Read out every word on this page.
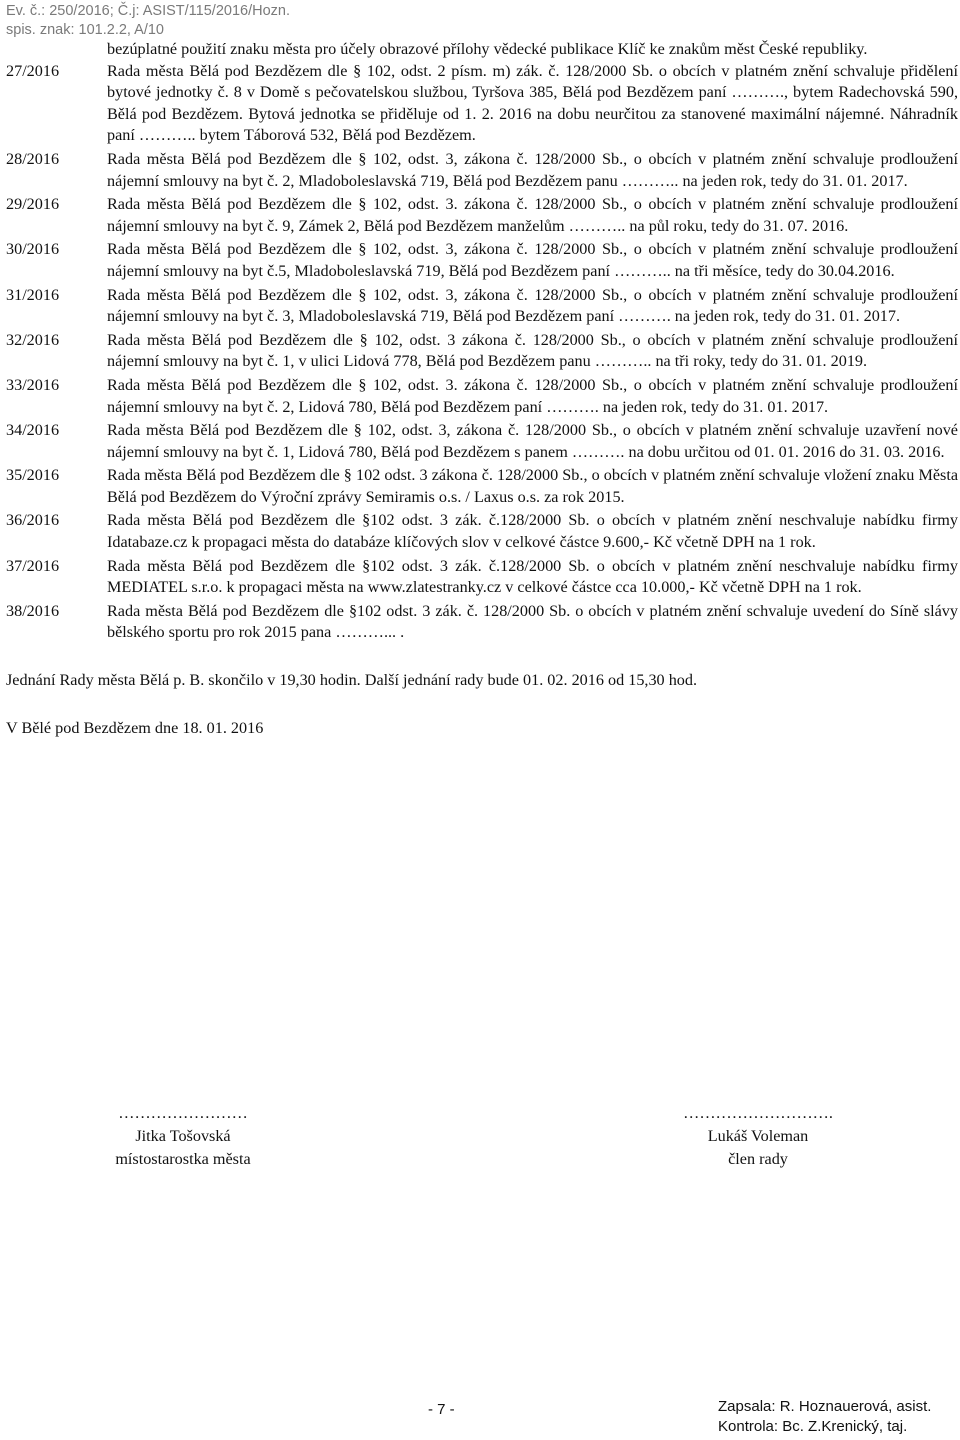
Ev. č.: 250/2016; Č.j: ASIST/115/2016/Hozn.
spis. znak: 101.2.2, A/10
bezúplatné použití znaku města pro účely obrazové přílohy vědecké publikace Klíč ke znakům měst České republiky.
27/2016	Rada města Bělá pod Bezdězem dle § 102, odst. 2 písm. m) zák. č. 128/2000 Sb. o obcích v platném znění schvaluje přidělení bytové jednotky č. 8 v Domě s pečovatelskou službou, Tyršova 385, Bělá pod Bezdězem paní ………., bytem Radechovská 590, Bělá pod Bezdězem. Bytová jednotka se přiděluje od 1. 2. 2016 na dobu neurčitou za stanovené maximální nájemné. Náhradník paní ……….. bytem Táborová 532, Bělá pod Bezdězem.
28/2016	Rada města Bělá pod Bezdězem dle § 102, odst. 3, zákona č. 128/2000 Sb., o obcích v platném znění schvaluje prodloužení nájemní smlouvy na byt č. 2, Mladoboleslavská 719, Bělá pod Bezdězem panu ……….. na jeden rok, tedy do 31. 01. 2017.
29/2016	Rada města Bělá pod Bezdězem dle § 102, odst. 3. zákona č. 128/2000 Sb., o obcích v platném znění schvaluje prodloužení nájemní smlouvy na byt č. 9, Zámek 2, Bělá pod Bezdězem manželům ……….. na půl roku, tedy do 31. 07. 2016.
30/2016	Rada města Bělá pod Bezdězem dle § 102, odst. 3, zákona č. 128/2000 Sb., o obcích v platném znění schvaluje prodloužení nájemní smlouvy na byt č.5, Mladoboleslavská 719, Bělá pod Bezdězem paní ……….. na tři měsíce, tedy do 30.04.2016.
31/2016	Rada města Bělá pod Bezdězem dle § 102, odst. 3, zákona č. 128/2000 Sb., o obcích v platném znění schvaluje prodloužení nájemní smlouvy na byt č. 3, Mladoboleslavská 719, Bělá pod Bezdězem paní ………. na jeden rok, tedy do 31. 01. 2017.
32/2016	Rada města Bělá pod Bezdězem dle § 102, odst. 3 zákona č. 128/2000 Sb., o obcích v platném znění schvaluje prodloužení nájemní smlouvy na byt č. 1, v ulici Lidová 778, Bělá pod Bezdězem panu ……….. na tři roky, tedy do 31. 01. 2019.
33/2016	Rada města Bělá pod Bezdězem dle § 102, odst. 3. zákona č. 128/2000 Sb., o obcích v platném znění schvaluje prodloužení nájemní smlouvy na byt č. 2, Lidová 780, Bělá pod Bezdězem paní ………. na jeden rok, tedy do 31. 01. 2017.
34/2016	Rada města Bělá pod Bezdězem dle § 102, odst. 3, zákona č. 128/2000 Sb., o obcích v platném znění schvaluje uzavření nové nájemní smlouvy na byt č. 1, Lidová 780, Bělá pod Bezdězem s panem ………. na dobu určitou od 01. 01. 2016 do 31. 03. 2016.
35/2016	Rada města Bělá pod Bezdězem dle § 102 odst. 3 zákona č. 128/2000 Sb., o obcích v platném znění schvaluje vložení znaku Města Bělá pod Bezdězem do Výroční zprávy Semiramis o.s. / Laxus o.s. za rok 2015.
36/2016	Rada města Bělá pod Bezdězem dle §102 odst. 3 zák. č.128/2000 Sb. o obcích v platném znění neschvaluje nabídku firmy Idatabaze.cz k propagaci města do databáze klíčových slov v celkové částce 9.600,- Kč včetně DPH na 1 rok.
37/2016	Rada města Bělá pod Bezdězem dle §102 odst. 3 zák. č.128/2000 Sb. o obcích v platném znění neschvaluje nabídku firmy MEDIATEL s.r.o. k propagaci města na www.zlatestranky.cz v celkové částce cca 10.000,- Kč včetně DPH na 1 rok.
38/2016	Rada města Bělá pod Bezdězem dle §102 odst. 3 zák. č. 128/2000 Sb. o obcích v platném znění schvaluje uvedení do Síně slávy bělského sportu pro rok 2015 pana ………... .
Jednání Rady města Bělá p. B. skončilo v 19,30 hodin. Další jednání rady bude 01. 02. 2016 od 15,30 hod.
V Bělé pod Bezdězem dne 18. 01. 2016
……………………
Jitka Tošovská
místostarostka města
……………………….
Lukáš Voleman
člen rady
- 7 -	Zapsala: R. Hoznauerová, asist.
Kontrola: Bc. Z.Krenický, taj.
